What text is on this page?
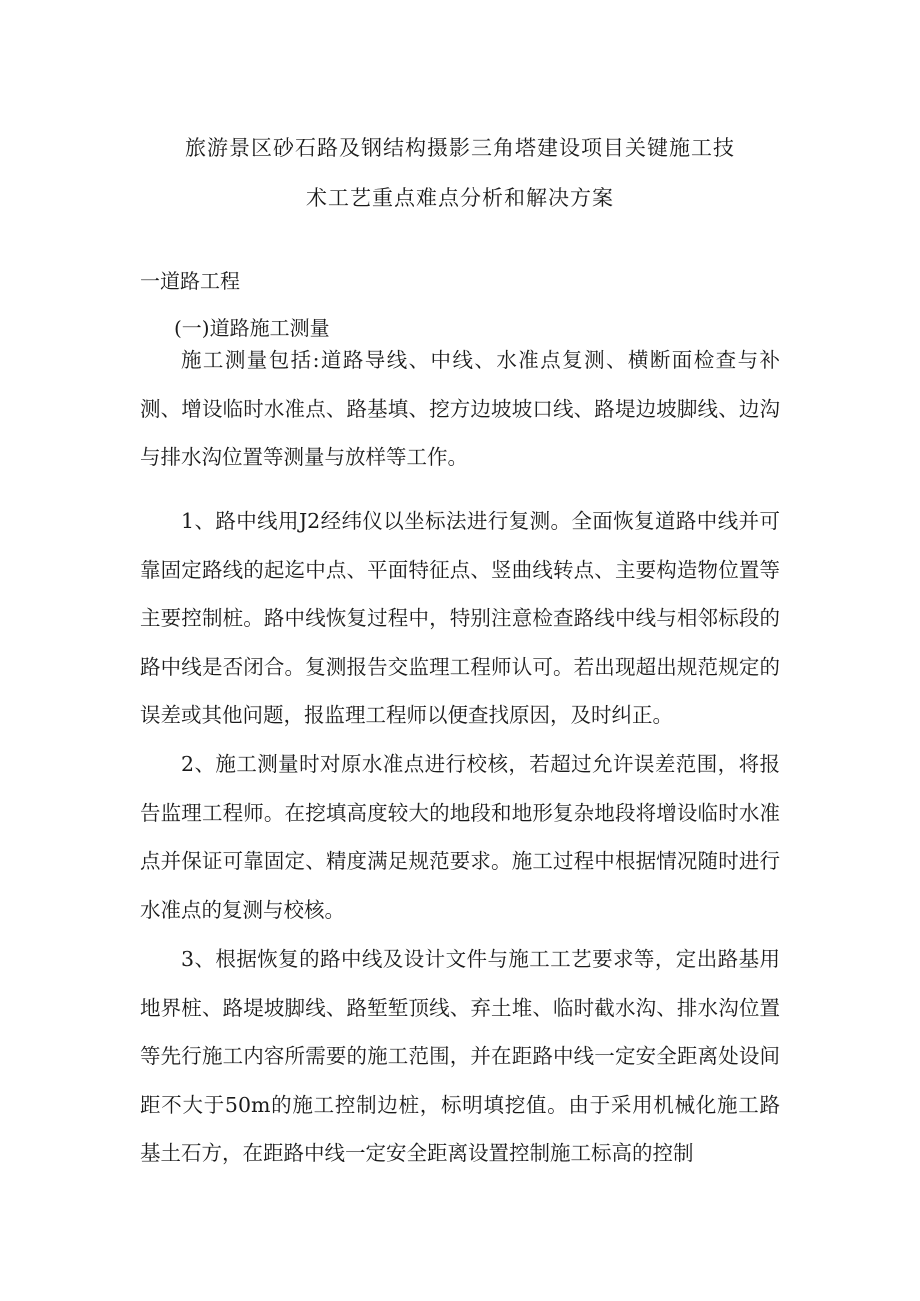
旅游景区砂石路及钢结构摄影三角塔建设项目关键施工技
术工艺重点难点分析和解决方案
一道路工程
(一)道路施工测量

施工测量包括:道路导线、中线、水准点复测、横断面检查与补测、增设临时水准点、路基填、挖方边坡坡口线、路堤边坡脚线、边沟与排水沟位置等测量与放样等工作。

1、路中线用J2经纬仪以坐标法进行复测。全面恢复道路中线并可靠固定路线的起迄中点、平面特征点、竖曲线转点、主要构造物位置等主要控制桩。路中线恢复过程中，特别注意检查路线中线与相邻标段的路中线是否闭合。复测报告交监理工程师认可。若出现超出规范规定的误差或其他问题，报监理工程师以便查找原因，及时纠正。

2、施工测量时对原水准点进行校核，若超过允许误差范围，将报告监理工程师。在挖填高度较大的地段和地形复杂地段将增设临时水准点并保证可靠固定、精度满足规范要求。施工过程中根据情况随时进行水准点的复测与校核。

3、根据恢复的路中线及设计文件与施工工艺要求等，定出路基用地界桩、路堤坡脚线、路堑堑顶线、弃土堆、临时截水沟、排水沟位置等先行施工内容所需要的施工范围，并在距路中线一定安全距离处设间距不大于50m的施工控制边桩，标明填挖值。由于采用机械化施工路基土石方，在距路中线一定安全距离设置控制施工标高的控制
